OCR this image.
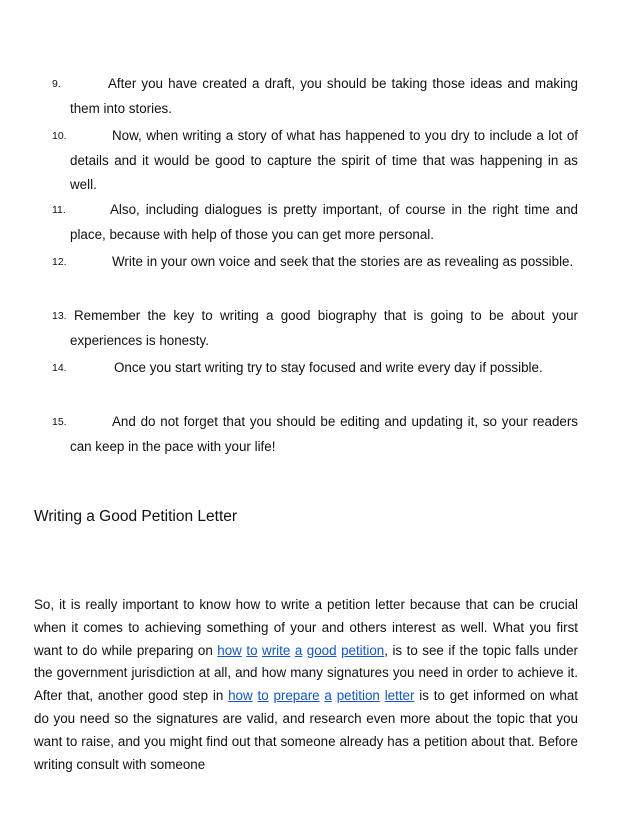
9.	After you have created a draft, you should be taking those ideas and making them into stories.
10.	Now, when writing a story of what has happened to you dry to include a lot of details and it would be good to capture the spirit of time that was happening in as well.
11.	Also, including dialogues is pretty important, of course in the right time and place, because with help of those you can get more personal.
12.	Write in your own voice and seek that the stories are as revealing as possible.
13. Remember the key to writing a good biography that is going to be about your experiences is honesty.
14.	Once you start writing try to stay focused and write every day if possible.
15.	And do not forget that you should be editing and updating it, so your readers can keep in the pace with your life!
Writing a Good Petition Letter
So, it is really important to know how to write a petition letter because that can be crucial when it comes to achieving something of your and others interest as well. What you first want to do while preparing on how to write a good petition, is to see if the topic falls under the government jurisdiction at all, and how many signatures you need in order to achieve it. After that, another good step in how to prepare a petition letter is to get informed on what do you need so the signatures are valid, and research even more about the topic that you want to raise, and you might find out that someone already has a petition about that. Before writing consult with someone
